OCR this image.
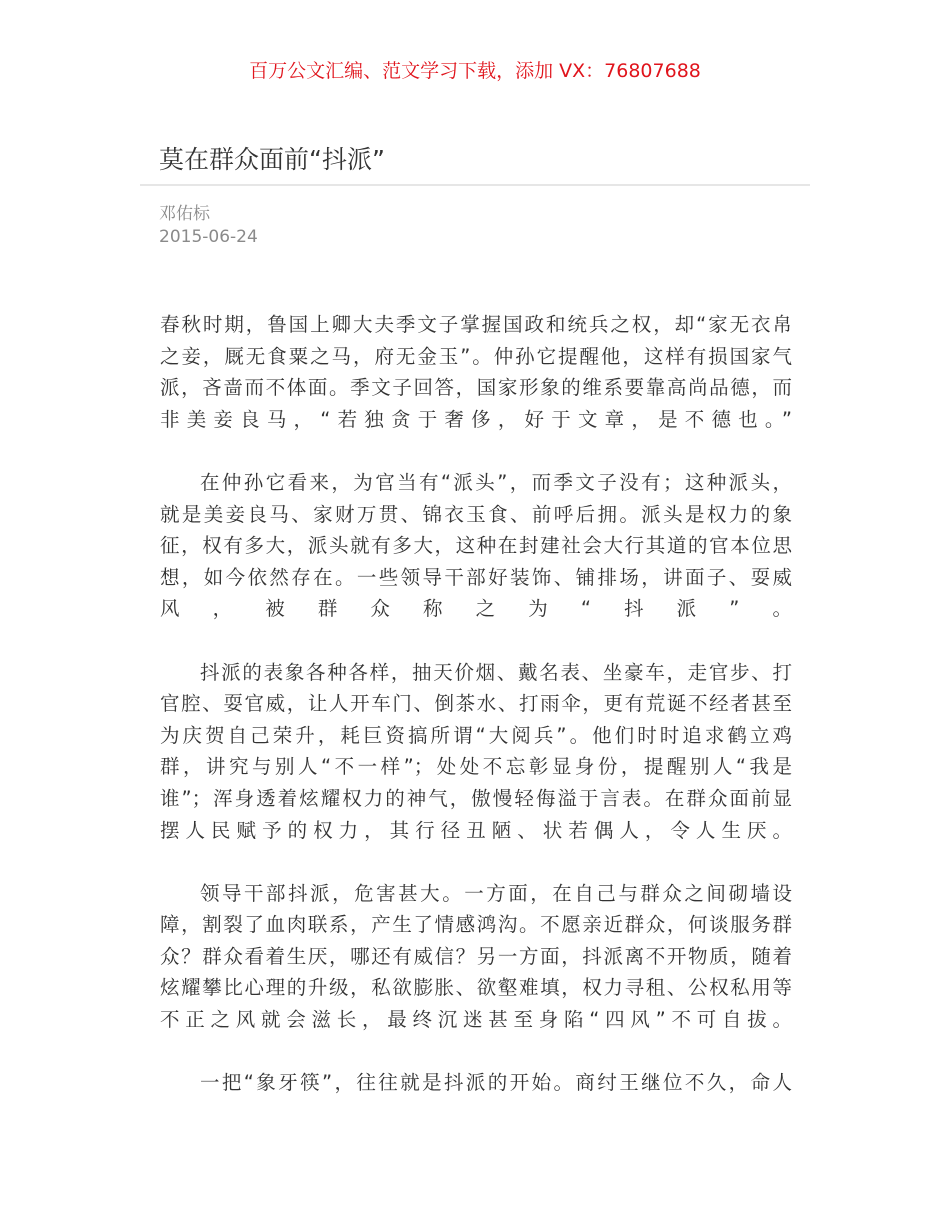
百万公文汇编、范文学习下载，添加 VX：76807688
莫在群众面前“抖派”
邓佑标
2015-06-24
春秋时期，鲁国上卿大夫季文子掌握国政和统兵之权，却“家无衣帛
之妾，厩无食粟之马，府无金玉”。仲孙它提醒他，这样有损国家气
派，吝啬而不体面。季文子回答，国家形象的维系要靠高尚品德，而
非美妾良马，“若独贪于奢侈，好于文章，是不德也。”
在仲孙它看来，为官当有“派头”，而季文子没有；这种派头，
就是美妾良马、家财万贯、锦衣玉食、前呼后拥。派头是权力的象
征，权有多大，派头就有多大，这种在封建社会大行其道的官本位思
想，如今依然存在。一些领导干部好装饰、铺排场，讲面子、耍威
风，被群众称之为“抖派”。
抖派的表象各种各样，抽天价烟、戴名表、坐豪车，走官步、打
官腔、耍官威，让人开车门、倒茶水、打雨伞，更有荒诞不经者甚至
为庆贺自己荣升，耗巨资搞所谓“大阅兵”。他们时时追求鹤立鸡
群，讲究与别人“不一样”；处处不忘彰显身份，提醒别人“我是
谁”；浑身透着炫耀权力的神气，傲慢轻侮溢于言表。在群众面前显
摆人民赋予的权力，其行径丑陋、状若偶人，令人生厌。
领导干部抖派，危害甚大。一方面，在自己与群众之间砌墙设
障，割裂了血肉联系，产生了情感鸿沟。不愿亲近群众，何谈服务群
众？群众看着生厌，哪还有威信？另一方面，抖派离不开物质，随着
炫耀攀比心理的升级，私欲膨胀、欲壑难填，权力寻租、公权私用等
不正之风就会滋长，最终沉迷甚至身陷“四风”不可自拔。
一把“象牙筷”，往往就是抖派的开始。商纣王继位不久，命人
